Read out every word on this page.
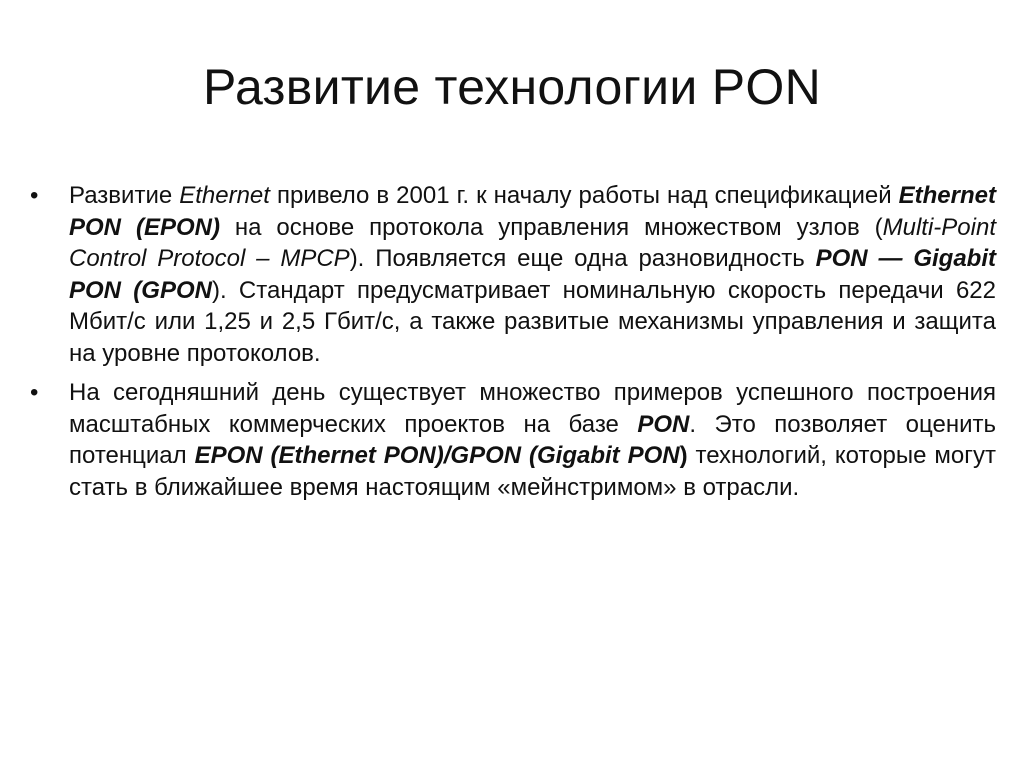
Развитие технологии PON
•	Развитие Ethernet привело в 2001 г. к началу работы над спецификацией Ethernet PON (EPON) на основе протокола управления множеством узлов (Multi-Point Control Protocol – MPCP). Появляется еще одна разновидность PON — Gigabit PON (GPON). Стандарт предусматривает номинальную скорость передачи 622 Мбит/с или 1,25 и 2,5 Гбит/с, а также развитые механизмы управления и защита на уровне протоколов.
•	На сегодняшний день существует множество примеров успешного построения масштабных коммерческих проектов на базе PON. Это позволяет оценить потенциал EPON (Ethernet PON)/GPON (Gigabit PON) технологий, которые могут стать в ближайшее время настоящим «мейнстримом» в отрасли.
